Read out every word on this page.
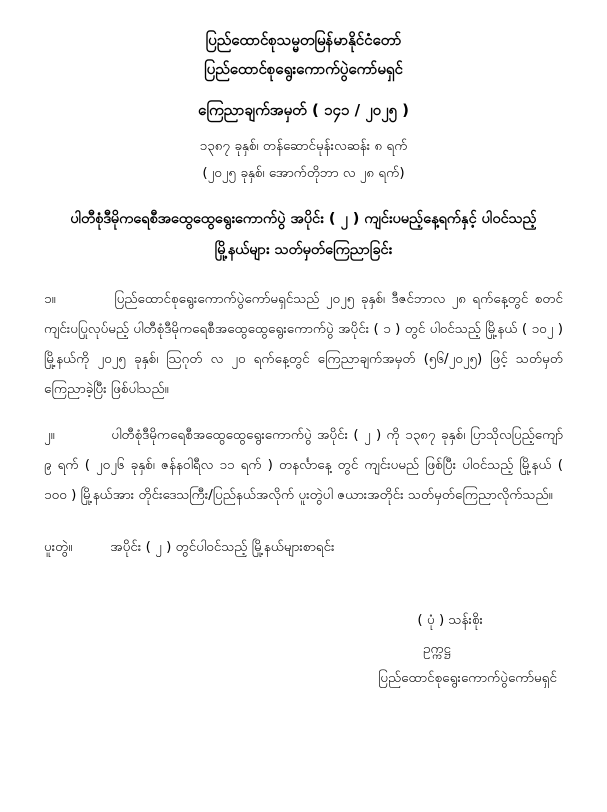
ပြည်ထောင်စုသမ္မတမြန်မာနိုင်ငံတော်
ပြည်ထောင်စုရွေးကောက်ပွဲကော်မရှင်
ကြေညာချက်အမှတ် ( ၁၄၁ / ၂၀၂၅ )
၁၃၈၇ ခုနှစ်၊ တန်ဆောင်မုန်းလဆန်း ၈ ရက်
(၂၀၂၅ ခုနှစ်၊ အောက်တိုဘာ လ ၂၈ ရက်)
ပါတီစုံဒီမိုကရေစီအထွေထွေရွေးကောက်ပွဲ အပိုင်း ( ၂ ) ကျင်းပမည့်နေ့ရက်နှင့် ပါဝင်သည့်
မြို့နယ်များ သတ်မှတ်ကြေညာခြင်း
၁။	ပြည်ထောင်စုရွေးကောက်ပွဲကော်မရှင်သည် ၂၀၂၅ ခုနှစ်၊ ဒီဇင်ဘာလ ၂၈ ရက်နေ့တွင် စတင်ကျင်းပပြုလုပ်မည့် ပါတီစုံဒီမိုကရေစီအထွေထွေရွေးကောက်ပွဲ အပိုင်း ( ၁ ) တွင် ပါဝင်သည့် မြို့နယ် ( ၁၀၂ ) မြို့နယ်ကို ၂၀၂၅ ခုနှစ်၊ သြဂုတ် လ ၂၀ ရက်နေ့တွင် ကြေညာချက်အမှတ် (၅၆/၂၀၂၅) ဖြင့် သတ်မှတ်ကြေညာခဲ့ပြီး ဖြစ်ပါသည်။
၂။	ပါတီစုံဒီမိုကရေစီအထွေထွေရွေးကောက်ပွဲ အပိုင်း ( ၂ ) ကို ၁၃၈၇ ခုနှစ်၊ ပြာသိုလပြည့်ကျော် ၉ ရက် ( ၂၀၂၆ ခုနှစ်၊ ဇန်နဝါရီလ ၁၁ ရက် ) တနင်္လာနေ့ တွင် ကျင်းပမည် ဖြစ်ပြီး ပါဝင်သည့် မြို့နယ် ( ၁၀၀ ) မြို့နယ်အား တိုင်းဒေသကြီး/ပြည်နယ်အလိုက် ပူးတွဲပါ ဇယားအတိုင်း သတ်မှတ်ကြေညာလိုက်သည်။
ပူးတွဲ။	အပိုင်း ( ၂ ) တွင်ပါဝင်သည့် မြို့နယ်များစာရင်း
( ပုံ ) သန်းစိုး
ဥက္ကဋ္ဌ
ပြည်ထောင်စုရွေးကောက်ပွဲကော်မရှင်
